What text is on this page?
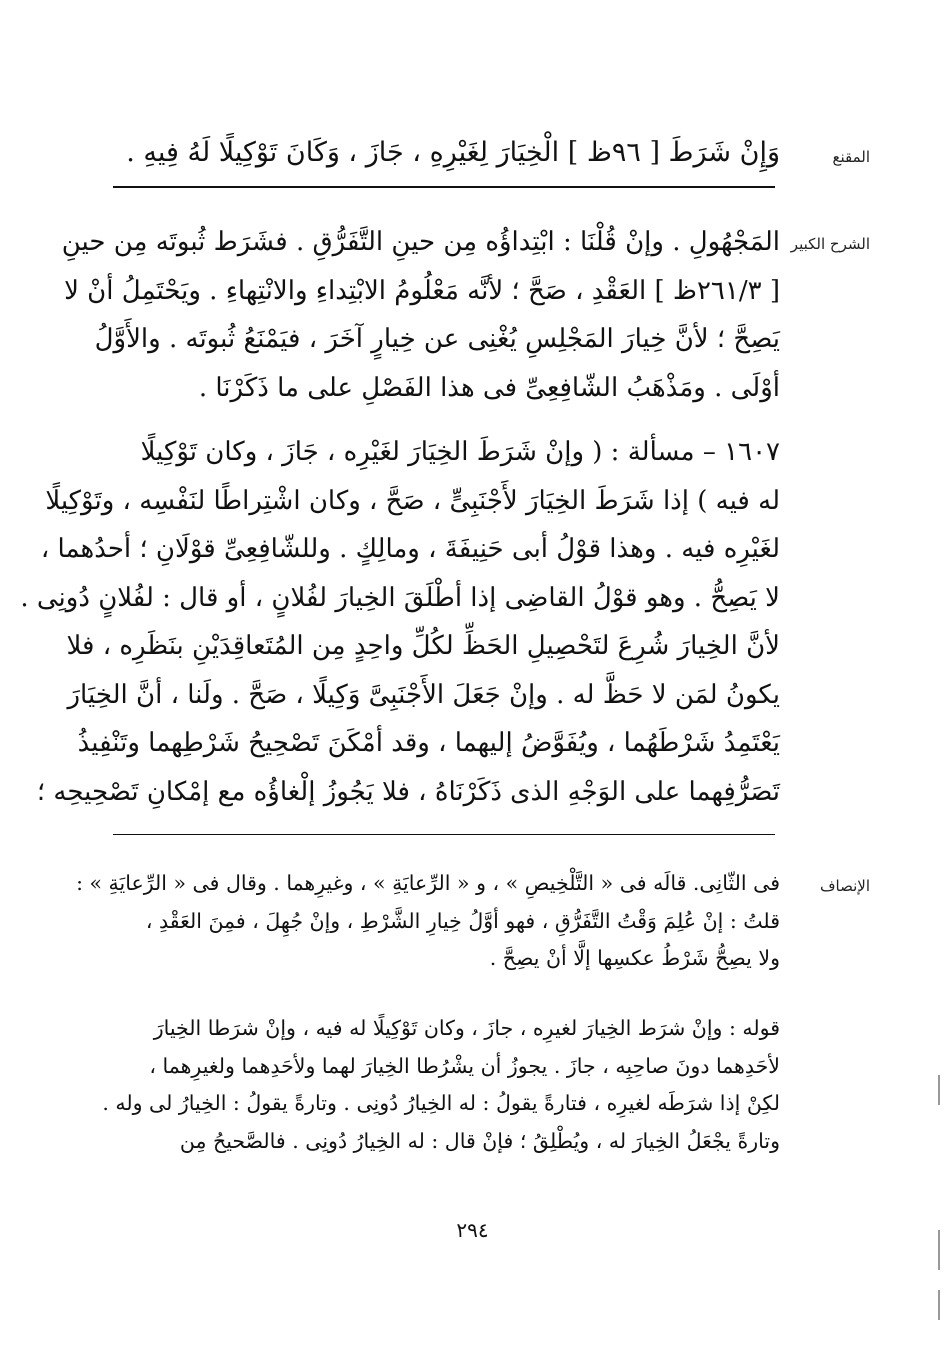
المقنع
وَإِنْ شَرَطَ [ ٩٦ظ ] الْخِيَارَ لِغَيْرِهِ ، جَازَ ، وَكَانَ تَوْكِيلًا لَهُ فِيهِ .
الشرح الكبير
المَجْهُولِ . وإنْ قُلْنَا : ابْتِداؤُه مِن حينِ التَّفَرُّقِ . فشَرَط ثُبوتَه مِن حينِ
[ ٢٦١/٣ظ ] العَقْدِ ، صَحَّ ؛ لأنَّه مَعْلُومُ الابْتِداءِ والانْتِهاءِ . ويَحْتَمِلُ أنْ لا
يَصِحَّ ؛ لأنَّ خِيارَ المَجْلِسِ يُغْنِى عن خِيارٍ آخَرَ ، فيَمْنَعُ ثُبوتَه . والأَوَّلُ
أوْلَى . ومَذْهَبُ الشّافِعِىِّ فى هذا الفَصْلِ على ما ذَكَرْنَا .
١٦٠٧ – مسألة : ( وإنْ شَرَطَ الخِيَارَ لغَيْرِه ، جَازَ ، وكان تَوْكِيلًا
له فيه ) إذا شَرَطَ الخِيَارَ لأَجْنَبِىٍّ ، صَحَّ ، وكان اشْتِراطًا لنَفْسِه ، وتَوْكِيلًا
لغَيْرِه فيه . وهذا قوْلُ أبى حَنِيفَةَ ، ومالِكٍ . وللشّافِعِىِّ قوْلَانِ ؛ أحدُهما ،
لا يَصِحُّ . وهو قوْلُ القاضِى إذا أطْلَقَ الخِيارَ لفُلانٍ ، أو قال : لفُلانٍ دُونِى .
لأنَّ الخِيارَ شُرِعَ لتَحْصِيلِ الحَظِّ لكُلِّ واحِدٍ مِن المُتَعاقِدَيْنِ بنَظَرِه ، فلا
يكونُ لمَن لا حَظَّ له . وإنْ جَعَلَ الأَجْنَبِىَّ وَكِيلًا ، صَحَّ . ولَنا ، أنَّ الخِيَارَ
يَعْتَمِدُ شَرْطَهُما ، ويُفَوَّضُ إليهما ، وقد أمْكَنَ تَصْحِيحُ شَرْطِهما وتَنْفِيذُ
تَصَرُّفِهما على الوَجْهِ الذى ذَكَرْنَاهُ ، فلا يَجُوزُ إلْغاؤُه مع إمْكانِ تَصْحِيحِه ؛
الإنصاف
فى الثّانِى. قالَه فى « التَّلْخِيصِ » ، و « الرِّعايَةِ » ، وغيرِهما . وقال فى « الرِّعايَةِ » :
قلتُ : إنْ عُلِمَ وَقْتُ التَّفَرُّقِ ، فهو أوَّلُ خِيارِ الشَّرْطِ ، وإنْ جُهِلَ ، فمِنَ العَقْدِ ،
ولا يصِحُّ شَرْطُ عكسِها إلَّا أنْ يصِحَّ .
قوله : وإنْ شرَط الخِيارَ لغيرِه ، جازَ ، وكان تَوْكِيلًا له فيه ، وإنْ شرَطا الخِيارَ
لأحَدِهما دونَ صاحِبِه ، جازَ . يجوزُ أن يشْرُطا الخِيارَ لهما ولأحَدِهما ولغيرِهما ،
لكِنْ إذا شرَطَه لغيرِه ، فتارةً يقولُ : له الخِيارُ دُونِى . وتارةً يقولُ : الخِيارُ لى وله .
وتارةً يجْعَلُ الخِيارَ له ، ويُطْلِقُ ؛ فإنْ قال : له الخِيارُ دُونِى . فالصَّحيحُ مِن
٢٩٤
